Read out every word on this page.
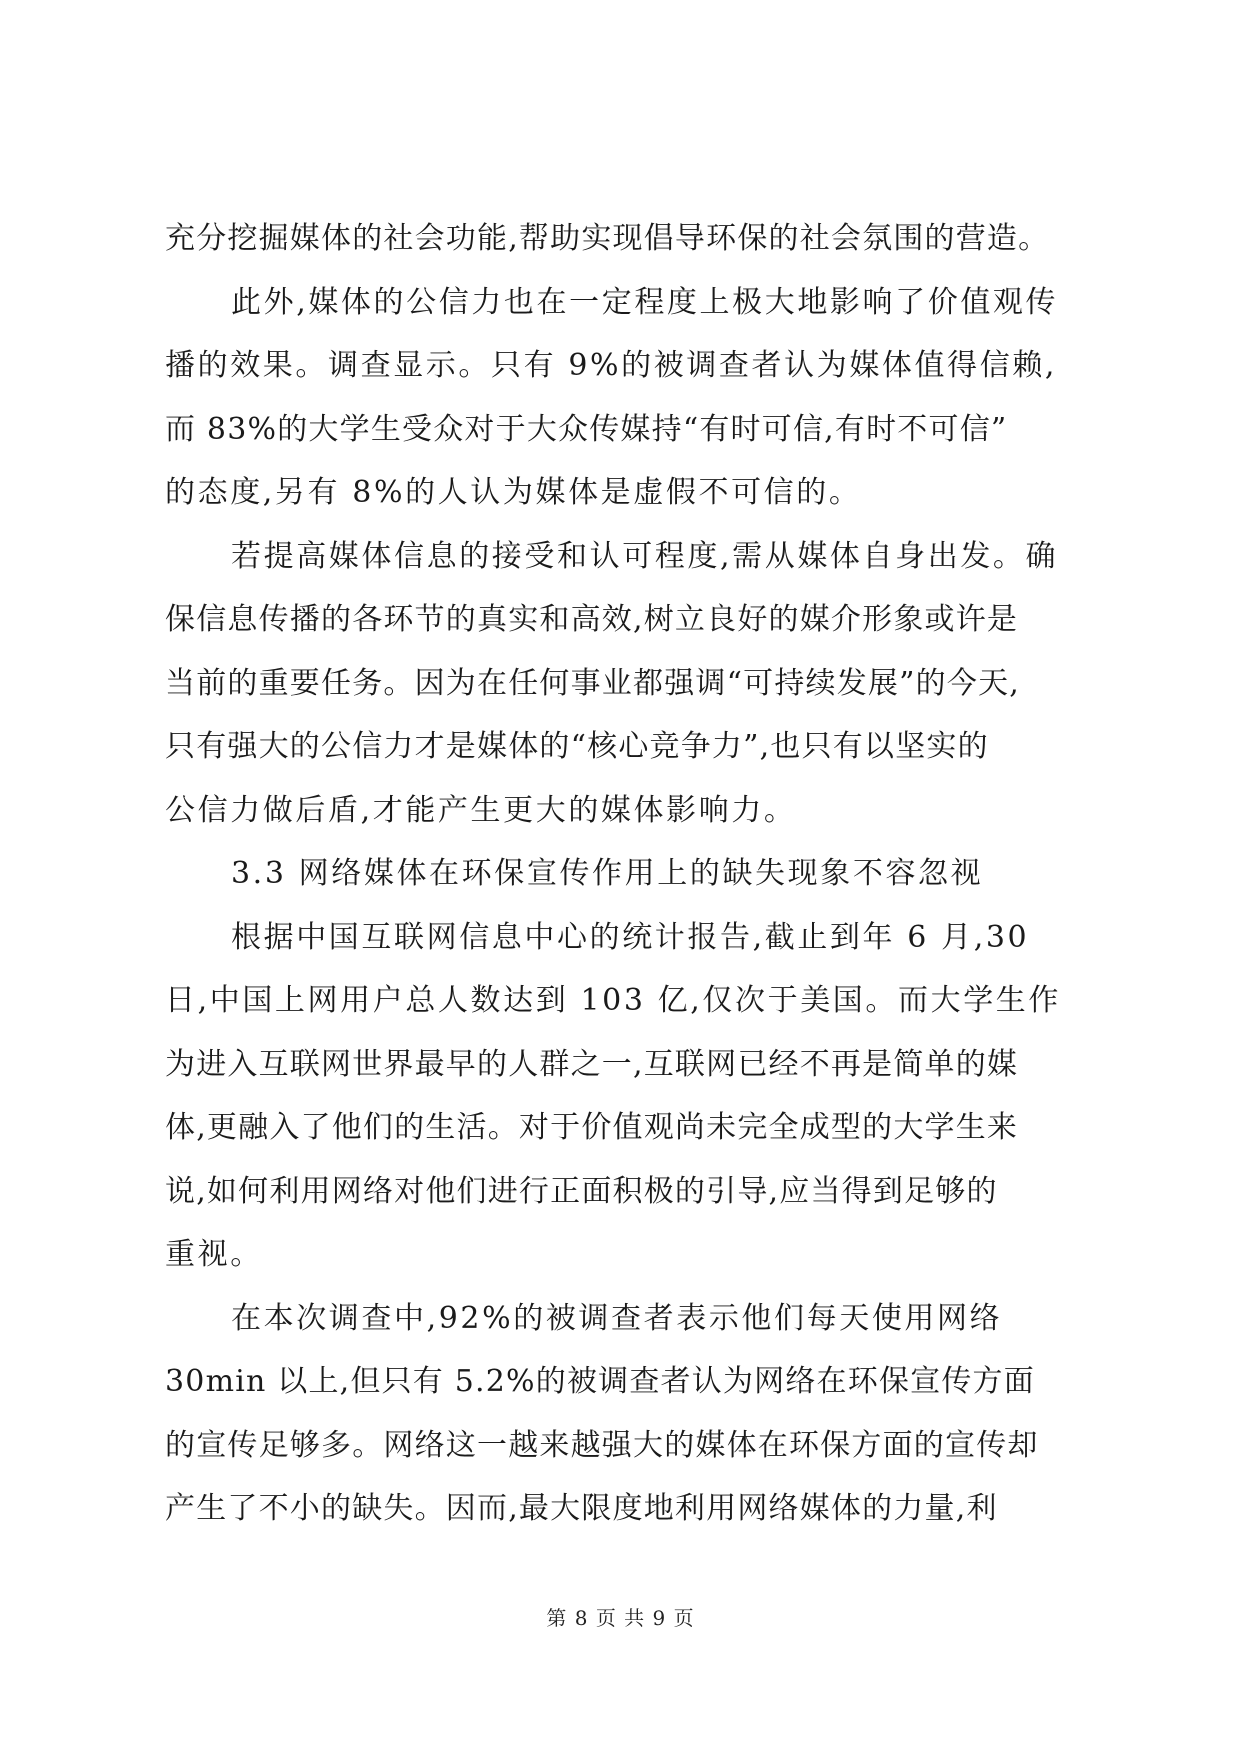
充分挖掘媒体的社会功能,帮助实现倡导环保的社会氛围的营造。
此外,媒体的公信力也在一定程度上极大地影响了价值观传
播的效果。调查显示。只有 9%的被调查者认为媒体值得信赖,
而 83%的大学生受众对于大众传媒持“有时可信,有时不可信”
的态度,另有 8%的人认为媒体是虚假不可信的。
若提高媒体信息的接受和认可程度,需从媒体自身出发。确
保信息传播的各环节的真实和高效,树立良好的媒介形象或许是
当前的重要任务。因为在任何事业都强调“可持续发展”的今天,
只有强大的公信力才是媒体的“核心竞争力”,也只有以坚实的
公信力做后盾,才能产生更大的媒体影响力。
3.3 网络媒体在环保宣传作用上的缺失现象不容忽视
根据中国互联网信息中心的统计报告,截止到年 6 月,30
日,中国上网用户总人数达到 103 亿,仅次于美国。而大学生作
为进入互联网世界最早的人群之一,互联网已经不再是简单的媒
体,更融入了他们的生活。对于价值观尚未完全成型的大学生来
说,如何利用网络对他们进行正面积极的引导,应当得到足够的
重视。
在本次调查中,92%的被调查者表示他们每天使用网络
30min 以上,但只有 5.2%的被调查者认为网络在环保宣传方面
的宣传足够多。网络这一越来越强大的媒体在环保方面的宣传却
产生了不小的缺失。因而,最大限度地利用网络媒体的力量,利
第 8 页 共 9 页
